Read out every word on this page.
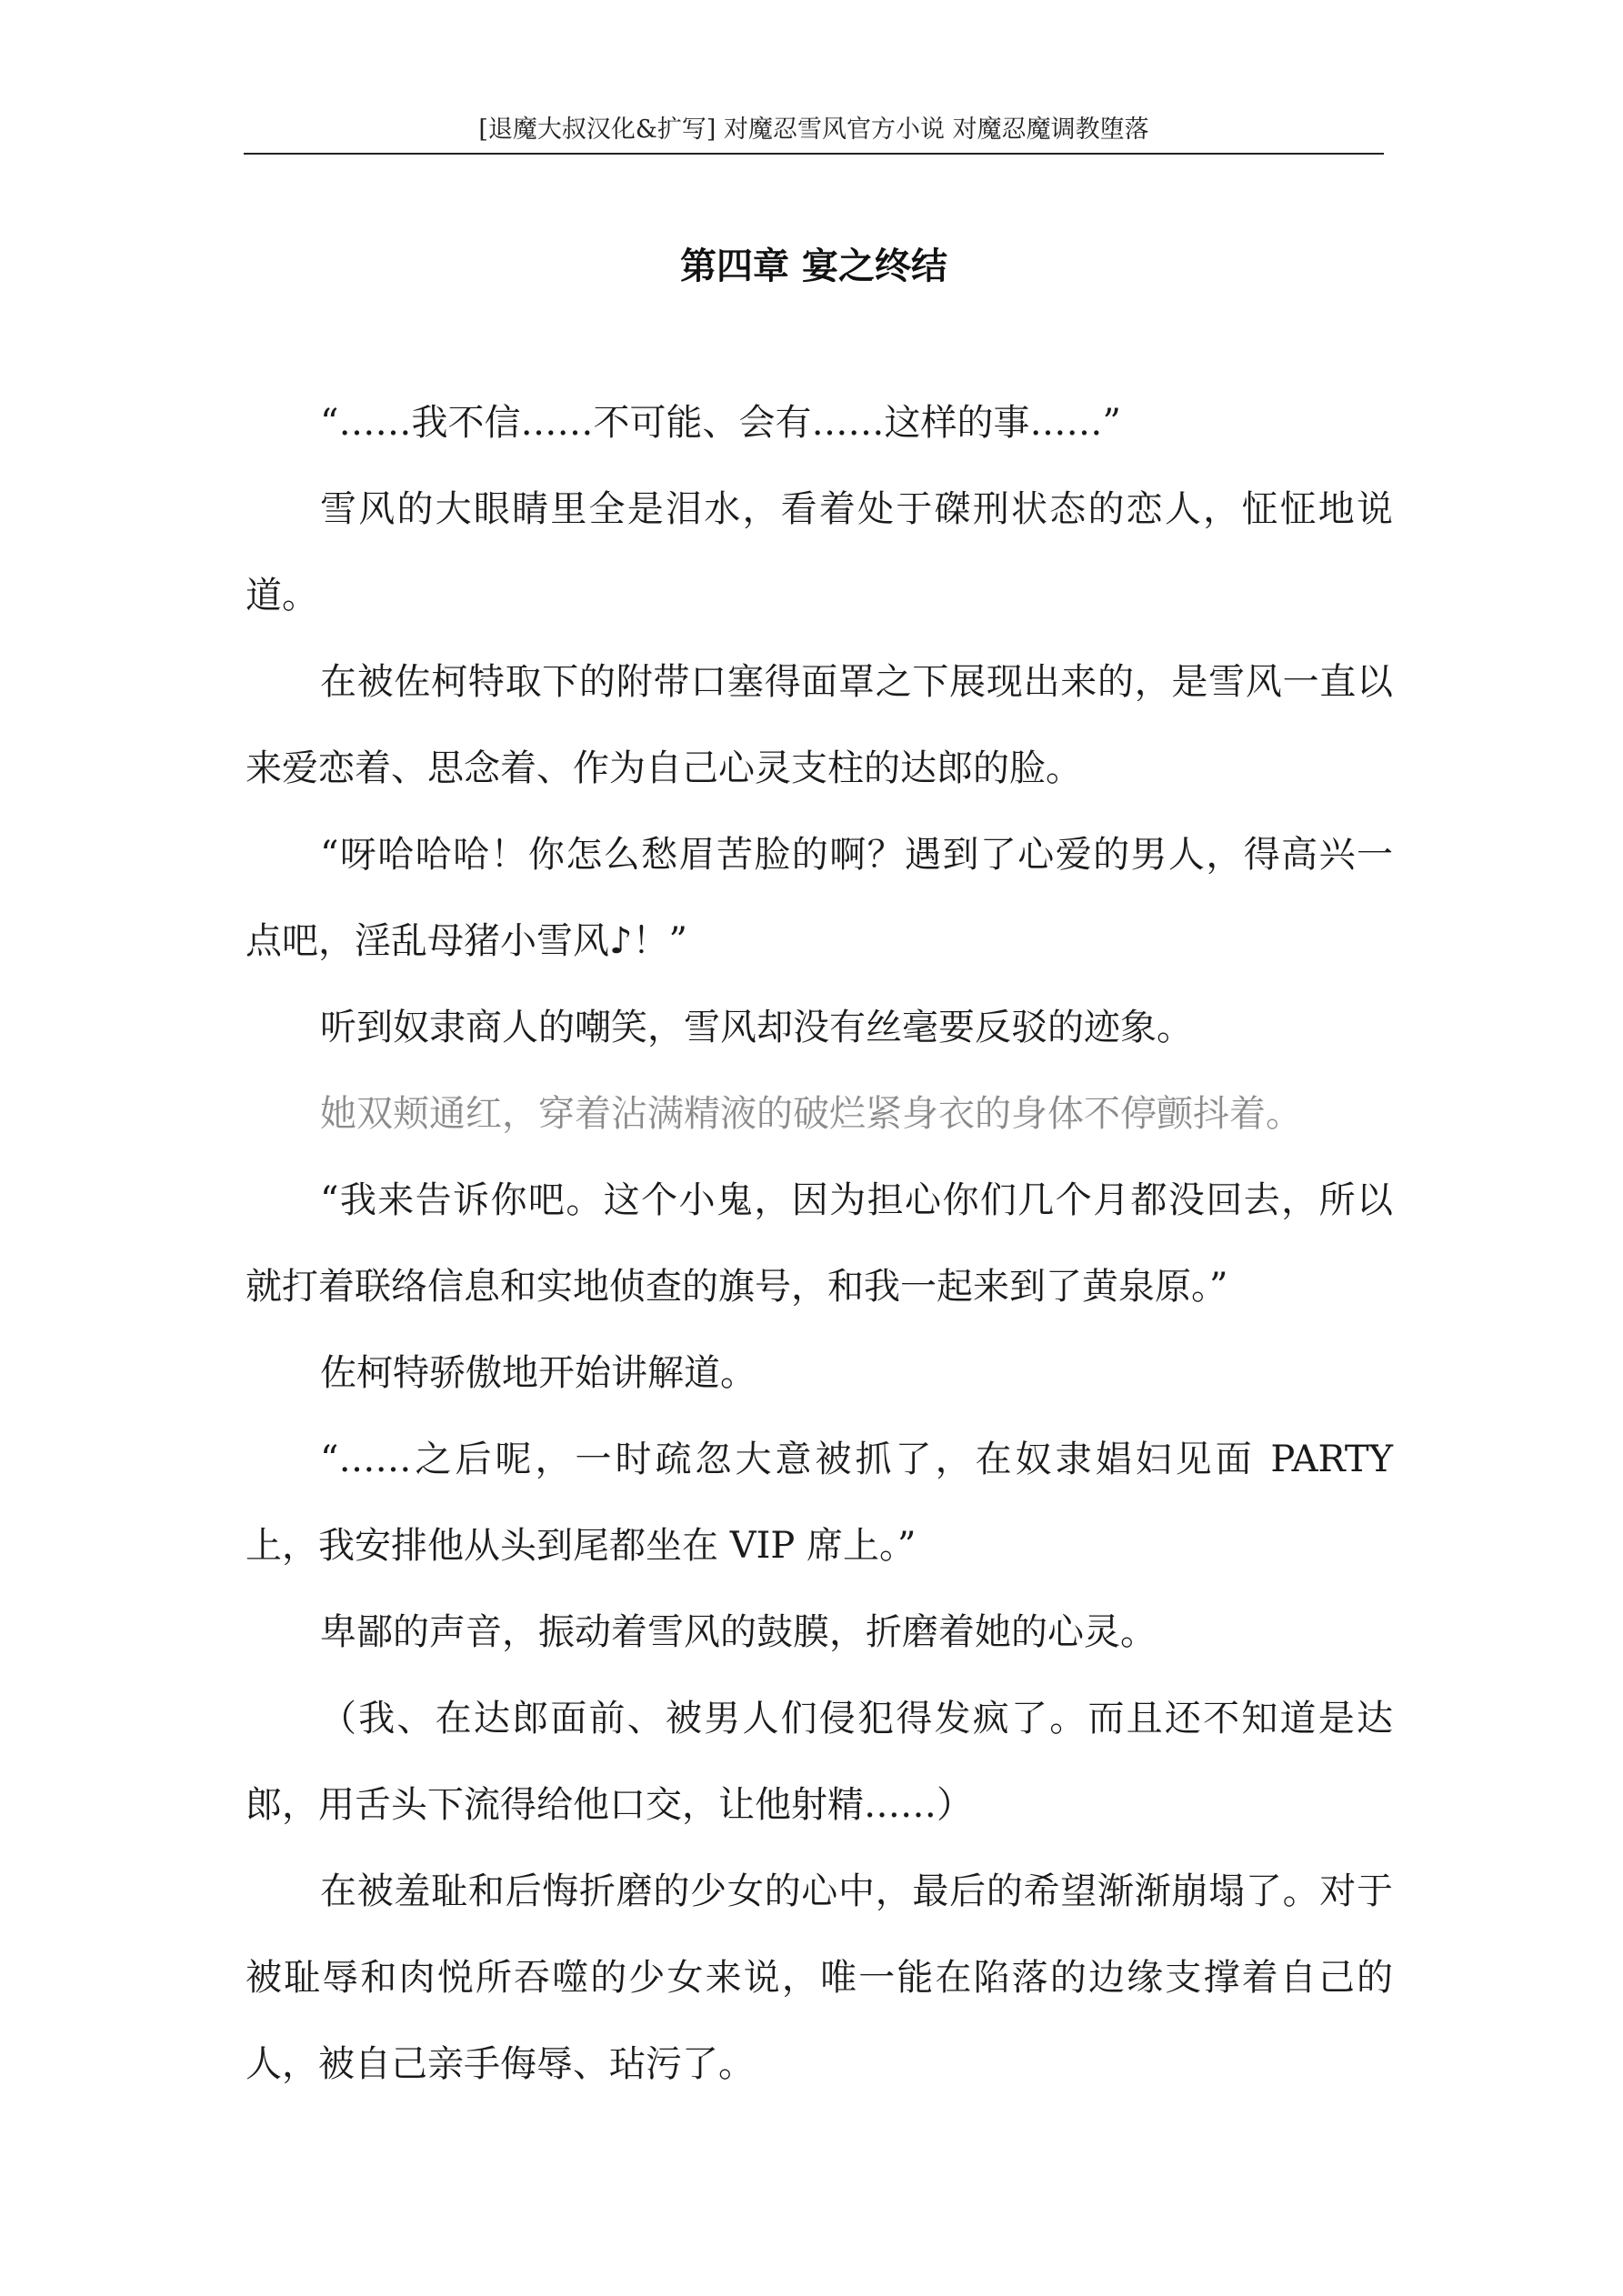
[退魔大叔汉化&扩写] 对魔忍雪风官方小说 对魔忍魔调教堕落
第四章 宴之终结

“……我不信……不可能、会有……这样的事……”

雪风的大眼睛里全是泪水，看着处于磔刑状态的恋人，怔怔地说道。

在被佐柯特取下的附带口塞得面罩之下展现出来的，是雪风一直以来爱恋着、思念着、作为自己心灵支柱的达郎的脸。

“呀哈哈哈！你怎么愁眉苦脸的啊？遇到了心爱的男人，得高兴一点吧，淫乱母猪小雪风♪！”

听到奴隶商人的嘲笑，雪风却没有丝毫要反驳的迹象。

她双颊通红，穿着沾满精液的破烂紧身衣的身体不停颤抖着。

“我来告诉你吧。这个小鬼，因为担心你们几个月都没回去，所以就打着联络信息和实地侦查的旗号，和我一起来到了黄泉原。”

佐柯特骄傲地开始讲解道。

“……之后呢，一时疏忽大意被抓了，在奴隶娼妇见面 PARTY 上，我安排他从头到尾都坐在 VIP 席上。”

卑鄙的声音，振动着雪风的鼓膜，折磨着她的心灵。

（我、在达郎面前、被男人们侵犯得发疯了。而且还不知道是达郎，用舌头下流得给他口交，让他射精……）

在被羞耻和后悔折磨的少女的心中，最后的希望渐渐崩塌了。对于被耻辱和肉悦所吞噬的少女来说，唯一能在陷落的边缘支撑着自己的人，被自己亲手侮辱、玷污了。
